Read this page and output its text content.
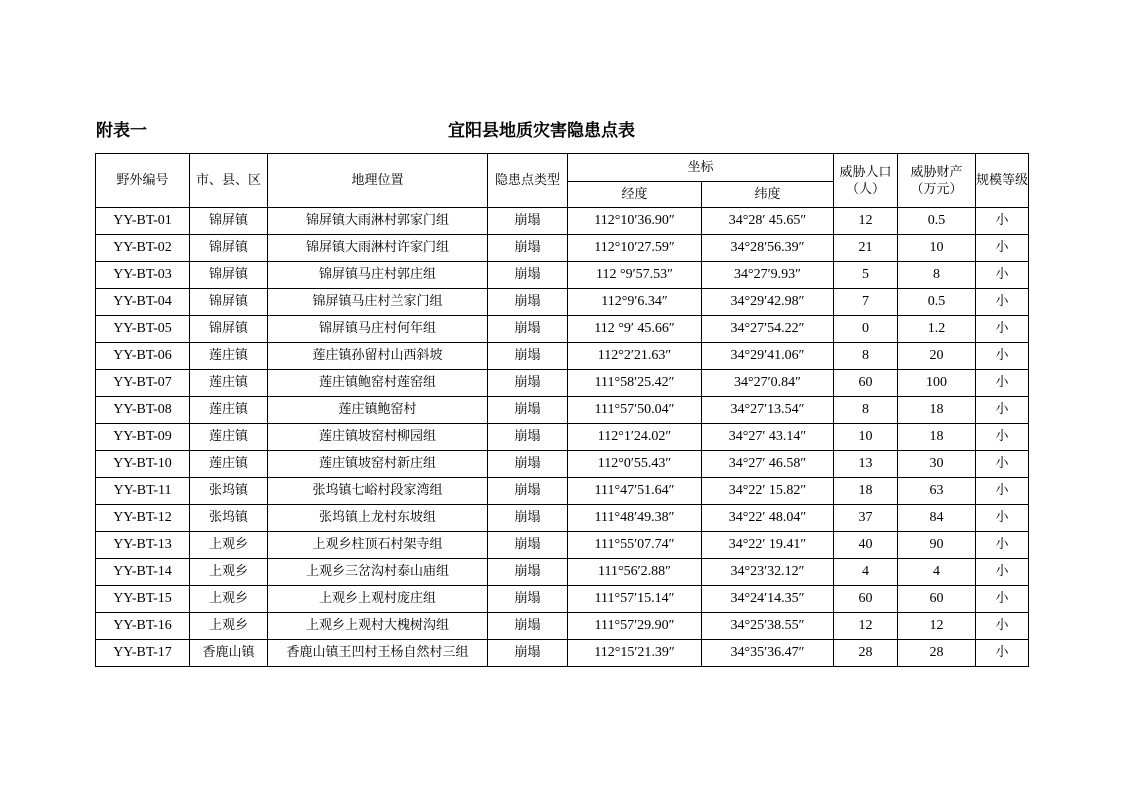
附表一	宜阳县地质灾害隐患点表
野外编号	市、县、区	地理位置	隐患点类型	坐标		威胁人口（人）	威胁财产（万元）	规模等级
				经度	纬度			
YY-BT-01	锦屏镇	锦屏镇大雨淋村郭家门组	崩塌	112°10′36.90″	34°28′ 45.65″	12	0.5	小
YY-BT-02	锦屏镇	锦屏镇大雨淋村许家门组	崩塌	112°10′27.59″	34°28′56.39″	21	10	小
YY-BT-03	锦屏镇	锦屏镇马庄村郭庄组	崩塌	112 °9′57.53″	34°27′9.93″	5	8	小
YY-BT-04	锦屏镇	锦屏镇马庄村兰家门组	崩塌	112°9′6.34″	34°29′42.98″	7	0.5	小
YY-BT-05	锦屏镇	锦屏镇马庄村何年组	崩塌	112 °9′ 45.66″	34°27′54.22″	0	1.2	小
YY-BT-06	莲庄镇	莲庄镇孙留村山西斜坡	崩塌	112°2′21.63″	34°29′41.06″	8	20	小
YY-BT-07	莲庄镇	莲庄镇鲍窑村莲窑组	崩塌	111°58′25.42″	34°27′0.84″	60	100	小
YY-BT-08	莲庄镇	莲庄镇鲍窑村	崩塌	111°57′50.04″	34°27′13.54″	8	18	小
YY-BT-09	莲庄镇	莲庄镇坡窑村柳园组	崩塌	112°1′24.02″	34°27′ 43.14″	10	18	小
YY-BT-10	莲庄镇	莲庄镇坡窑村新庄组	崩塌	112°0′55.43″	34°27′ 46.58″	13	30	小
YY-BT-11	张坞镇	张坞镇七峪村段家湾组	崩塌	111°47′51.64″	34°22′ 15.82″	18	63	小
YY-BT-12	张坞镇	张坞镇上龙村东坡组	崩塌	111°48′49.38″	34°22′ 48.04″	37	84	小
YY-BT-13	上观乡	上观乡柱顶石村架寺组	崩塌	111°55′07.74″	34°22′ 19.41″	40	90	小
YY-BT-14	上观乡	上观乡三岔沟村泰山庙组	崩塌	111°56′2.88″	34°23′32.12″	4	4	小
YY-BT-15	上观乡	上观乡上观村庞庄组	崩塌	111°57′15.14″	34°24′14.35″	60	60	小
YY-BT-16	上观乡	上观乡上观村大槐树沟组	崩塌	111°57′29.90″	34°25′38.55″	12	12	小
YY-BT-17	香鹿山镇	香鹿山镇王凹村王杨自然村三组	崩塌	112°15′21.39″	34°35′36.47″	28	28	小
